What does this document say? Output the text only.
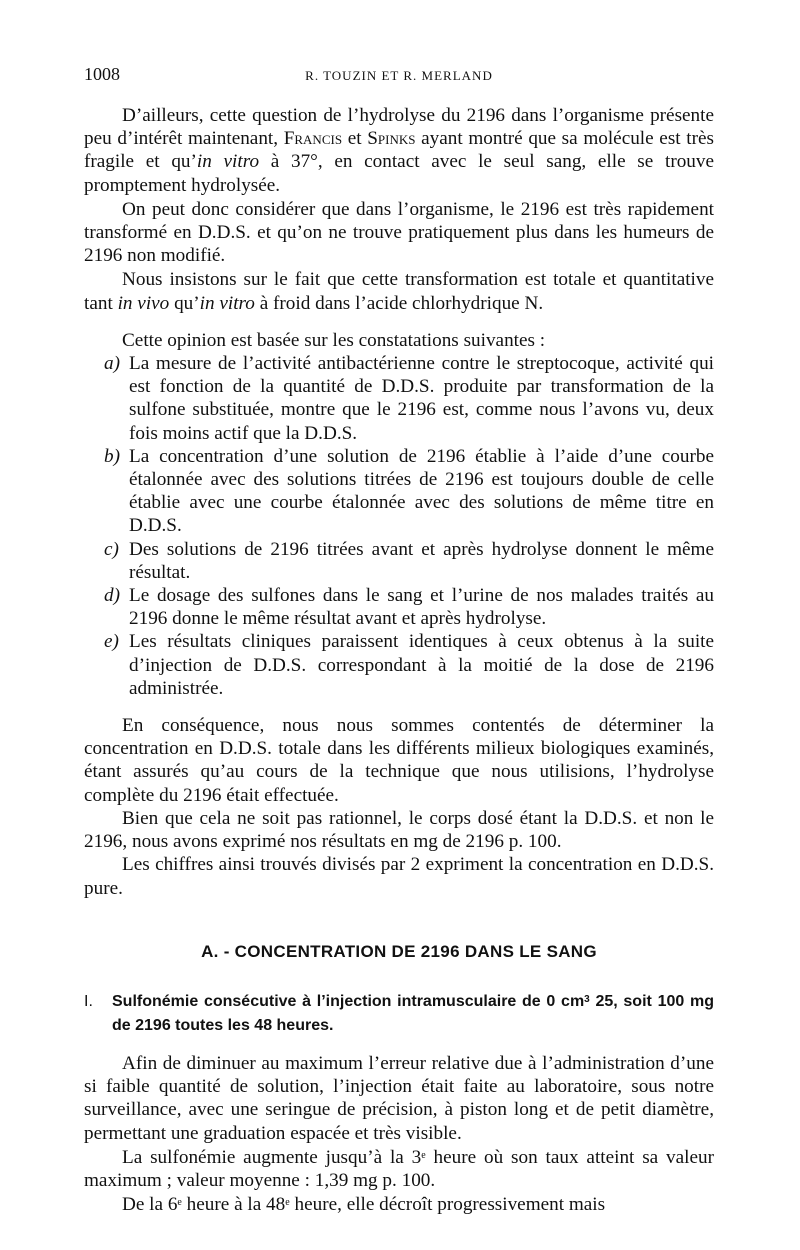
1008	R. TOUZIN ET R. MERLAND

D’ailleurs, cette question de l’hydrolyse du 2196 dans l’organisme présente peu d’intérêt maintenant, Francis et Spinks ayant montré que sa molécule est très fragile et qu’in vitro à 37°, en contact avec le seul sang, elle se trouve promptement hydrolysée.

On peut donc considérer que dans l’organisme, le 2196 est très rapidement transformé en D.D.S. et qu’on ne trouve pratiquement plus dans les humeurs de 2196 non modifié.

Nous insistons sur le fait que cette transformation est totale et quantitative tant in vivo qu’in vitro à froid dans l’acide chlorhydrique N.

Cette opinion est basée sur les constatations suivantes :

a) La mesure de l’activité antibactérienne contre le streptocoque, activité qui est fonction de la quantité de D.D.S. produite par transformation de la sulfone substituée, montre que le 2196 est, comme nous l’avons vu, deux fois moins actif que la D.D.S.
b) La concentration d’une solution de 2196 établie à l’aide d’une courbe étalonnée avec des solutions titrées de 2196 est toujours double de celle établie avec une courbe étalonnée avec des solutions de même titre en D.D.S.
c) Des solutions de 2196 titrées avant et après hydrolyse donnent le même résultat.
d) Le dosage des sulfones dans le sang et l’urine de nos malades traités au 2196 donne le même résultat avant et après hydrolyse.
e) Les résultats cliniques paraissent identiques à ceux obtenus à la suite d’injection de D.D.S. correspondant à la moitié de la dose de 2196 administrée.

En conséquence, nous nous sommes contentés de déterminer la concentration en D.D.S. totale dans les différents milieux biologiques examinés, étant assurés qu’au cours de la technique que nous utilisions, l’hydrolyse complète du 2196 était effectuée.

Bien que cela ne soit pas rationnel, le corps dosé étant la D.D.S. et non le 2196, nous avons exprimé nos résultats en mg de 2196 p. 100.

Les chiffres ainsi trouvés divisés par 2 expriment la concentration en D.D.S. pure.

A. - CONCENTRATION DE 2196 DANS LE SANG
I. Sulfonémie consécutive à l’injection intramusculaire de 0 $cm^3$ 25, soit 100 mg de 2196 toutes les 48 heures.

Afin de diminuer au maximum l’erreur relative due à l’administration d’une si faible quantité de solution, l’injection était faite au laboratoire, sous notre surveillance, avec une seringue de précision, à piston long et de petit diamètre, permettant une graduation espacée et très visible.

La sulfonémie augmente jusqu’à la 3e heure où son taux atteint sa valeur maximum ; valeur moyenne : 1,39 mg p. 100.

De la 6e heure à la 48e heure, elle décroît progressivement mais
